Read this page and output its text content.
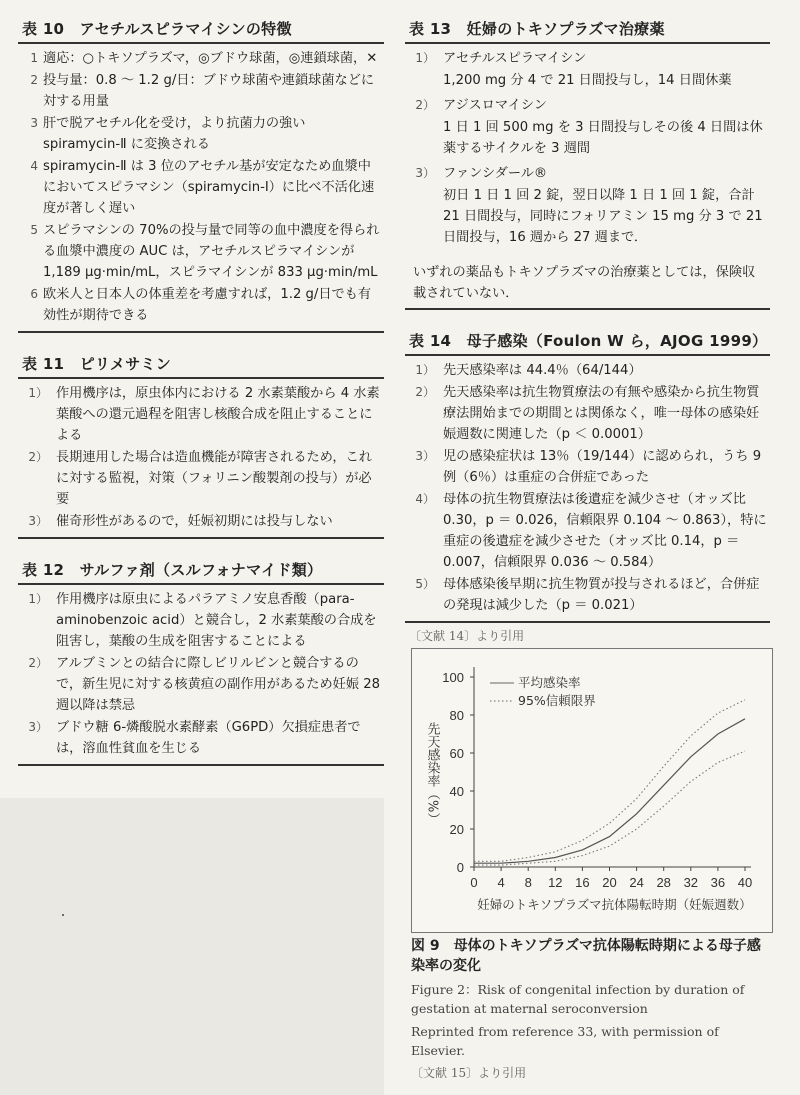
表 10　アセチルスピラマイシンの特徴
1 適応：○トキソプラズマ，◎ブドウ球菌，◎連鎖球菌，✕
2 投与量：0.8 ～ 1.2 g/日：ブドウ球菌や連鎖球菌などに対する用量
3 肝で脱アセチル化を受け，より抗菌力の強い spiramycin-Ⅱ に変換される
4 spiramycin-Ⅱ は 3 位のアセチル基が安定なため血漿中においてスピラマシン（spiramycin-Ⅰ）に比べ不活化速度が著しく遅い
5 スピラマシンの 70%の投与量で同等の血中濃度を得られる血漿中濃度の AUC は，アセチルスピラマイシンが 1,189 μg·min/mL，スピラマイシンが 833 μg·min/mL
6 欧米人と日本人の体重差を考慮すれば，1.2 g/日でも有効性が期待できる
表 11　ピリメサミン
1） 作用機序は，原虫体内における 2 水素葉酸から 4 水素葉酸への還元過程を阻害し核酸合成を阻止することによる
2） 長期連用した場合は造血機能が障害されるため，これに対する監視，対策（フォリニン酸製剤の投与）が必要
3） 催奇形性があるので，妊娠初期には投与しない
表 12　サルファ剤（スルフォナマイド類）
1） 作用機序は原虫によるパラアミノ安息香酸（para-aminobenzoic acid）と競合し，2 水素葉酸の合成を阻害し，葉酸の生成を阻害することによる
2） アルブミンとの結合に際しビリルビンと競合するので，新生児に対する核黄疸の副作用があるため妊娠 28 週以降は禁忌
3） ブドウ糖 6-燐酸脱水素酵素（G6PD）欠損症患者では，溶血性貧血を生じる
表 13　妊婦のトキソプラズマ治療薬
1） アセチルスピラマイシン
1,200 mg 分 4 で 21 日間投与し，14 日間休薬
2） アジスロマイシン
1 日 1 回 500 mg を 3 日間投与しその後 4 日間は休薬するサイクルを 3 週間
3） ファンシダール®
初日 1 日 1 回 2 錠，翌日以降 1 日 1 回 1 錠，合計 21 日間投与，同時にフォリアミン 15 mg 分 3 で 21 日間投与，16 週から 27 週まで．
いずれの薬品もトキソプラズマの治療薬としては，保険収載されていない．
表 14　母子感染（Foulon W ら，AJOG 1999）
1） 先天感染率は 44.4％（64/144）
2） 先天感染率は抗生物質療法の有無や感染から抗生物質療法開始までの期間とは関係なく，唯一母体の感染妊娠週数に関連した（p ＜ 0.0001）
3） 児の感染症状は 13％（19/144）に認められ，うち 9 例（6％）は重症の合併症であった
4） 母体の抗生物質療法は後遺症を減少させ（オッズ比 0.30，p ＝ 0.026，信頼限界 0.104 ～ 0.863），特に重症の後遺症を減少させた（オッズ比 0.14，p ＝ 0.007，信頼限界 0.036 ～ 0.584）
5） 母体感染後早期に抗生物質が投与されるほど，合併症の発現は減少した（p ＝ 0.021）
〔文献 14〕より引用
0
20
40
60
80
100
0 4 8 12 16 20 24 28 32 36 40
妊婦のトキソプラズマ抗体陽転時期（妊娠週数）
先天感染率（%）
平均感染率
95%信頼限界
図 9　母体のトキソプラズマ抗体陽転時期による母子感染率の変化
Figure 2：Risk of congenital infection by duration of gestation at maternal seroconversion
Reprinted from reference 33, with permission of Elsevier.
〔文献 15〕より引用
